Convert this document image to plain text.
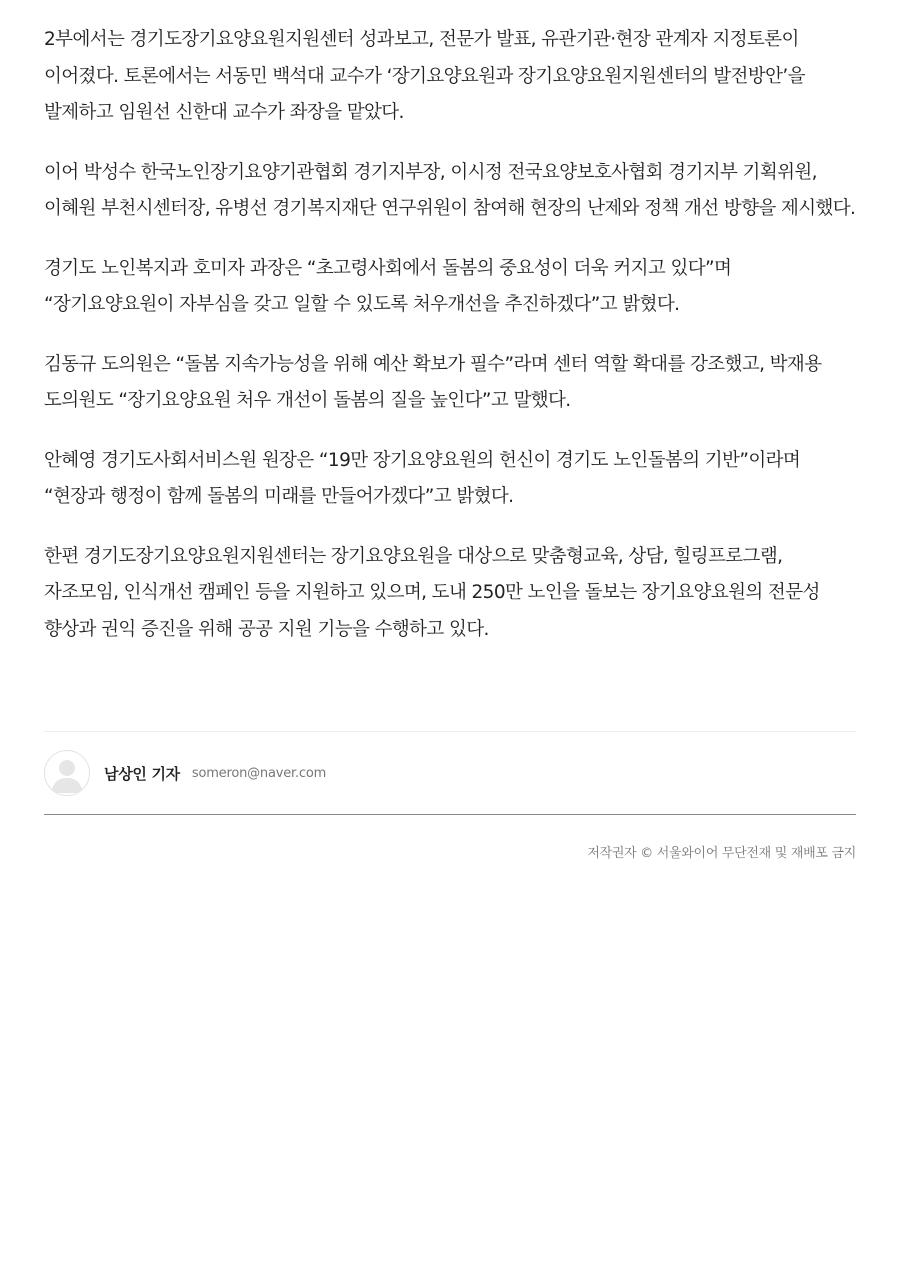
2부에서는 경기도장기요양요원지원센터 성과보고, 전문가 발표, 유관기관·현장 관계자 지정토론이 이어졌다. 토론에서는 서동민 백석대 교수가 ‘장기요양요원과 장기요양요원지원센터의 발전방안’을 발제하고 임원선 신한대 교수가 좌장을 맡았다.

이어 박성수 한국노인장기요양기관협회 경기지부장, 이시정 전국요양보호사협회 경기지부 기획위원, 이혜원 부천시센터장, 유병선 경기복지재단 연구위원이 참여해 현장의 난제와 정책 개선 방향을 제시했다.

경기도 노인복지과 호미자 과장은 “초고령사회에서 돌봄의 중요성이 더욱 커지고 있다”며 “장기요양요원이 자부심을 갖고 일할 수 있도록 처우개선을 추진하겠다”고 밝혔다.

김동규 도의원은 “돌봄 지속가능성을 위해 예산 확보가 필수”라며 센터 역할 확대를 강조했고, 박재용 도의원도 “장기요양요원 처우 개선이 돌봄의 질을 높인다”고 말했다.

안혜영 경기도사회서비스원 원장은 “19만 장기요양요원의 헌신이 경기도 노인돌봄의 기반”이라며 “현장과 행정이 함께 돌봄의 미래를 만들어가겠다”고 밝혔다.

한편 경기도장기요양요원지원센터는 장기요양요원을 대상으로 맞춤형교육, 상담, 힐링프로그램, 자조모임, 인식개선 캠페인 등을 지원하고 있으며, 도내 250만 노인을 돌보는 장기요양요원의 전문성 향상과 권익 증진을 위해 공공 지원 기능을 수행하고 있다.

남상인 기자 someron@naver.com
저작권자 © 서울와이어 무단전재 및 재배포 금지
